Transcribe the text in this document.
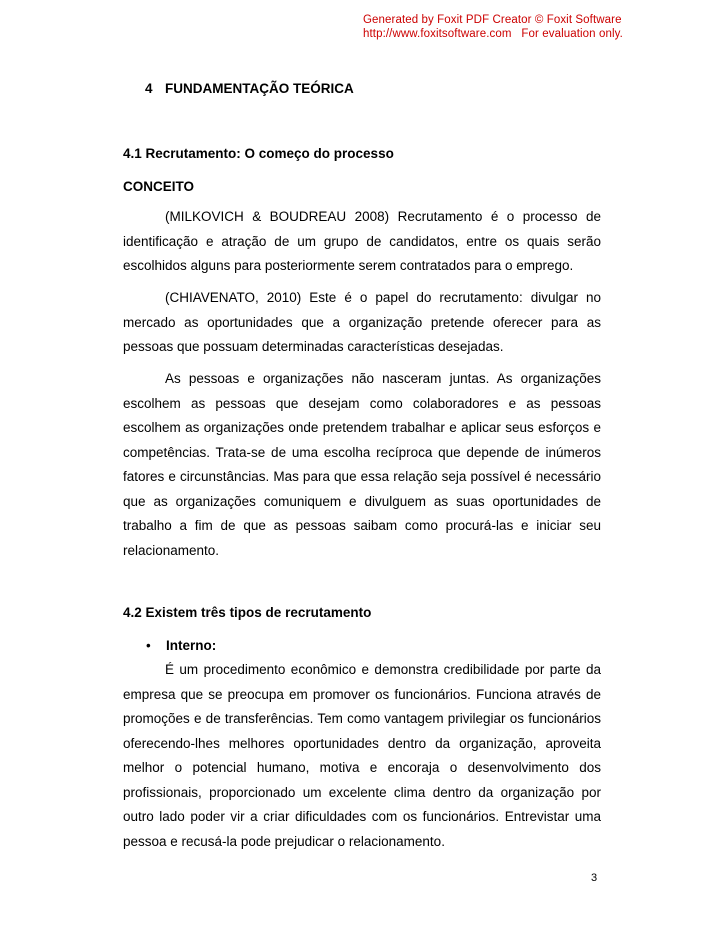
Generated by Foxit PDF Creator © Foxit Software
http://www.foxitsoftware.com   For evaluation only.
4 FUNDAMENTAÇÃO TEÓRICA
4.1 Recrutamento: O começo do processo
CONCEITO
(MILKOVICH & BOUDREAU 2008) Recrutamento é o processo de identificação e atração de um grupo de candidatos, entre os quais serão escolhidos alguns para posteriormente serem contratados para o emprego.
(CHIAVENATO, 2010) Este é o papel do recrutamento: divulgar no mercado as oportunidades que a organização pretende oferecer para as pessoas que possuam determinadas características desejadas.
As pessoas e organizações não nasceram juntas. As organizações escolhem as pessoas que desejam como colaboradores e as pessoas escolhem as organizações onde pretendem trabalhar e aplicar seus esforços e competências. Trata-se de uma escolha recíproca que depende de inúmeros fatores e circunstâncias. Mas para que essa relação seja possível é necessário que as organizações comuniquem e divulguem as suas oportunidades de trabalho a fim de que as pessoas saibam como procurá-las e iniciar seu relacionamento.
4.2 Existem três tipos de recrutamento
• Interno:
É um procedimento econômico e demonstra credibilidade por parte da empresa que se preocupa em promover os funcionários. Funciona através de promoções e de transferências. Tem como vantagem privilegiar os funcionários oferecendo-lhes melhores oportunidades dentro da organização, aproveita melhor o potencial humano, motiva e encoraja o desenvolvimento dos profissionais, proporcionado um excelente clima dentro da organização por outro lado poder vir a criar dificuldades com os funcionários. Entrevistar uma pessoa e recusá-la pode prejudicar o relacionamento.
3
